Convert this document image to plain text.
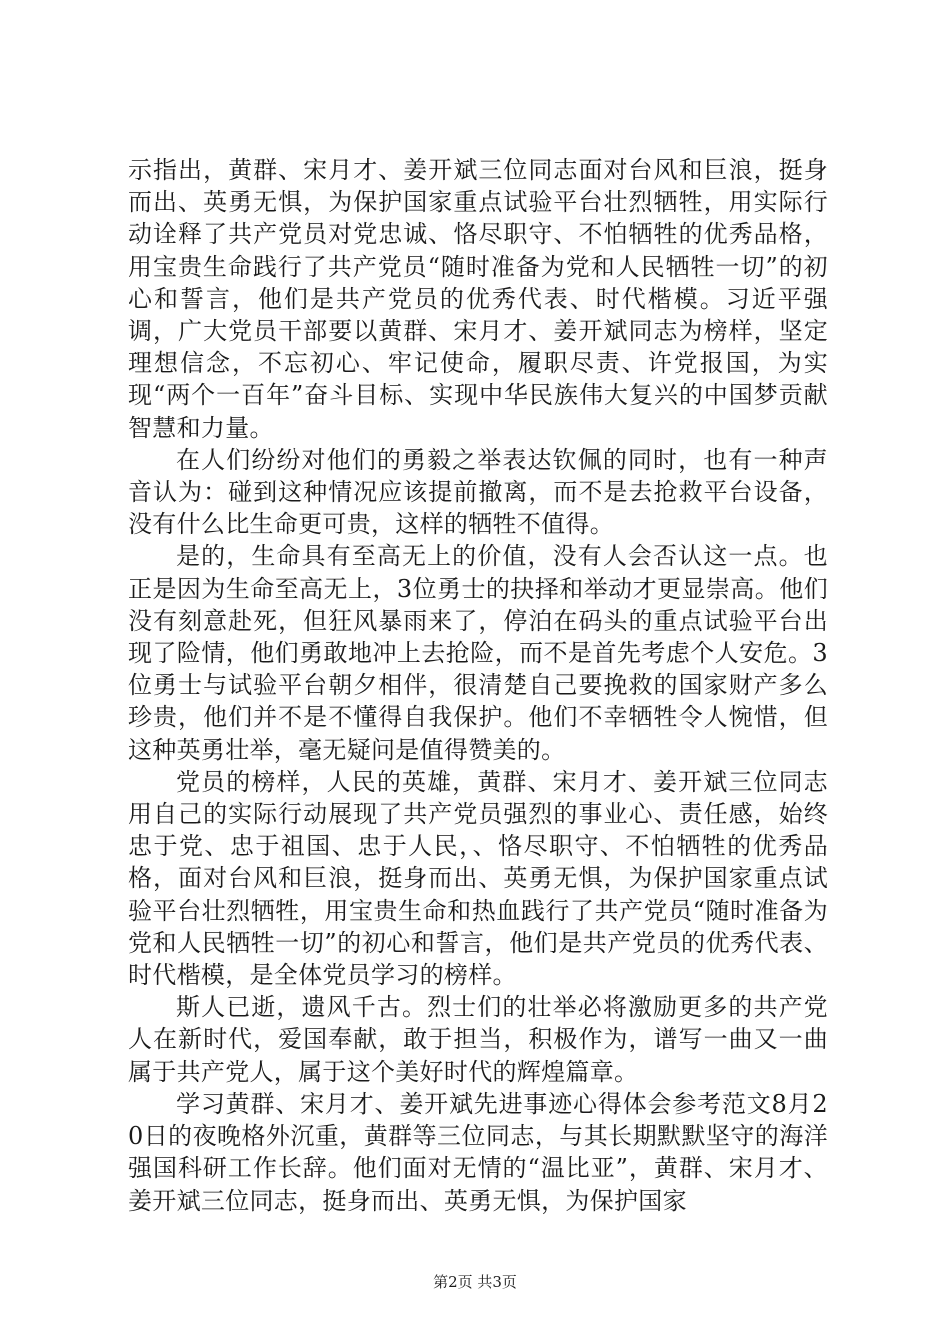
示指出，黄群、宋月才、姜开斌三位同志面对台风和巨浪，挺身而出、英勇无惧，为保护国家重点试验平台壮烈牺牲，用实际行动诠释了共产党员对党忠诚、恪尽职守、不怕牺牲的优秀品格，用宝贵生命践行了共产党员“随时准备为党和人民牺牲一切”的初心和誓言，他们是共产党员的优秀代表、时代楷模。习近平强调，广大党员干部要以黄群、宋月才、姜开斌同志为榜样，坚定理想信念，不忘初心、牢记使命，履职尽责、许党报国，为实现“两个一百年”奋斗目标、实现中华民族伟大复兴的中国梦贡献智慧和力量。

在人们纷纷对他们的勇毅之举表达钦佩的同时，也有一种声音认为：碰到这种情况应该提前撤离，而不是去抢救平台设备，没有什么比生命更可贵，这样的牺牲不值得。

是的，生命具有至高无上的价值，没有人会否认这一点。也正是因为生命至高无上，3位勇士的抉择和举动才更显崇高。他们没有刻意赴死，但狂风暴雨来了，停泊在码头的重点试验平台出现了险情，他们勇敢地冲上去抢险，而不是首先考虑个人安危。3位勇士与试验平台朝夕相伴，很清楚自己要挽救的国家财产多么珍贵，他们并不是不懂得自我保护。他们不幸牺牲令人惋惜，但这种英勇壮举，毫无疑问是值得赞美的。

党员的榜样，人民的英雄，黄群、宋月才、姜开斌三位同志用自己的实际行动展现了共产党员强烈的事业心、责任感，始终忠于党、忠于祖国、忠于人民，、恪尽职守、不怕牺牲的优秀品格，面对台风和巨浪，挺身而出、英勇无惧，为保护国家重点试验平台壮烈牺牲，用宝贵生命和热血践行了共产党员“随时准备为党和人民牺牲一切”的初心和誓言，他们是共产党员的优秀代表、时代楷模，是全体党员学习的榜样。

斯人已逝，遗风千古。烈士们的壮举必将激励更多的共产党人在新时代，爱国奉献，敢于担当，积极作为，谱写一曲又一曲属于共产党人，属于这个美好时代的辉煌篇章。

学习黄群、宋月才、姜开斌先进事迹心得体会参考范文8月20日的夜晚格外沉重，黄群等三位同志，与其长期默默坚守的海洋强国科研工作长辞。他们面对无情的“温比亚”，黄群、宋月才、姜开斌三位同志，挺身而出、英勇无惧，为保护国家

第2页 共3页
